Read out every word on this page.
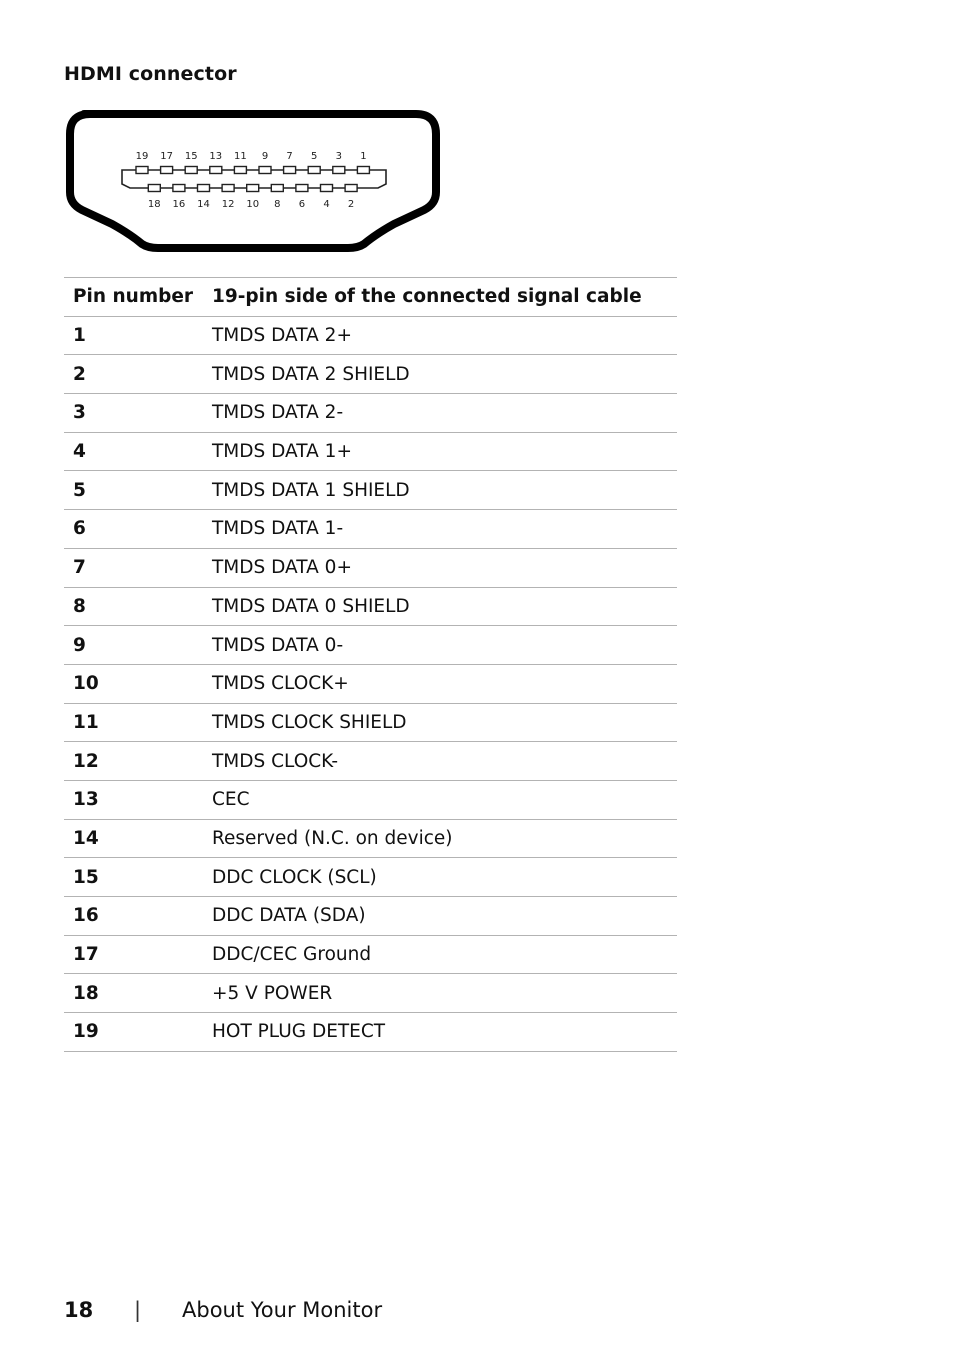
HDMI connector
19 17 15 13 11 9 7 5 3 1
18 16 14 12 10 8 6 4 2
Pin number	19-pin side of the connected signal cable
1	TMDS DATA 2+
2	TMDS DATA 2 SHIELD
3	TMDS DATA 2-
4	TMDS DATA 1+
5	TMDS DATA 1 SHIELD
6	TMDS DATA 1-
7	TMDS DATA 0+
8	TMDS DATA 0 SHIELD
9	TMDS DATA 0-
10	TMDS CLOCK+
11	TMDS CLOCK SHIELD
12	TMDS CLOCK-
13	CEC
14	Reserved (N.C. on device)
15	DDC CLOCK (SCL)
16	DDC DATA (SDA)
17	DDC/CEC Ground
18	+5 V POWER
19	HOT PLUG DETECT
18	|	About Your Monitor
